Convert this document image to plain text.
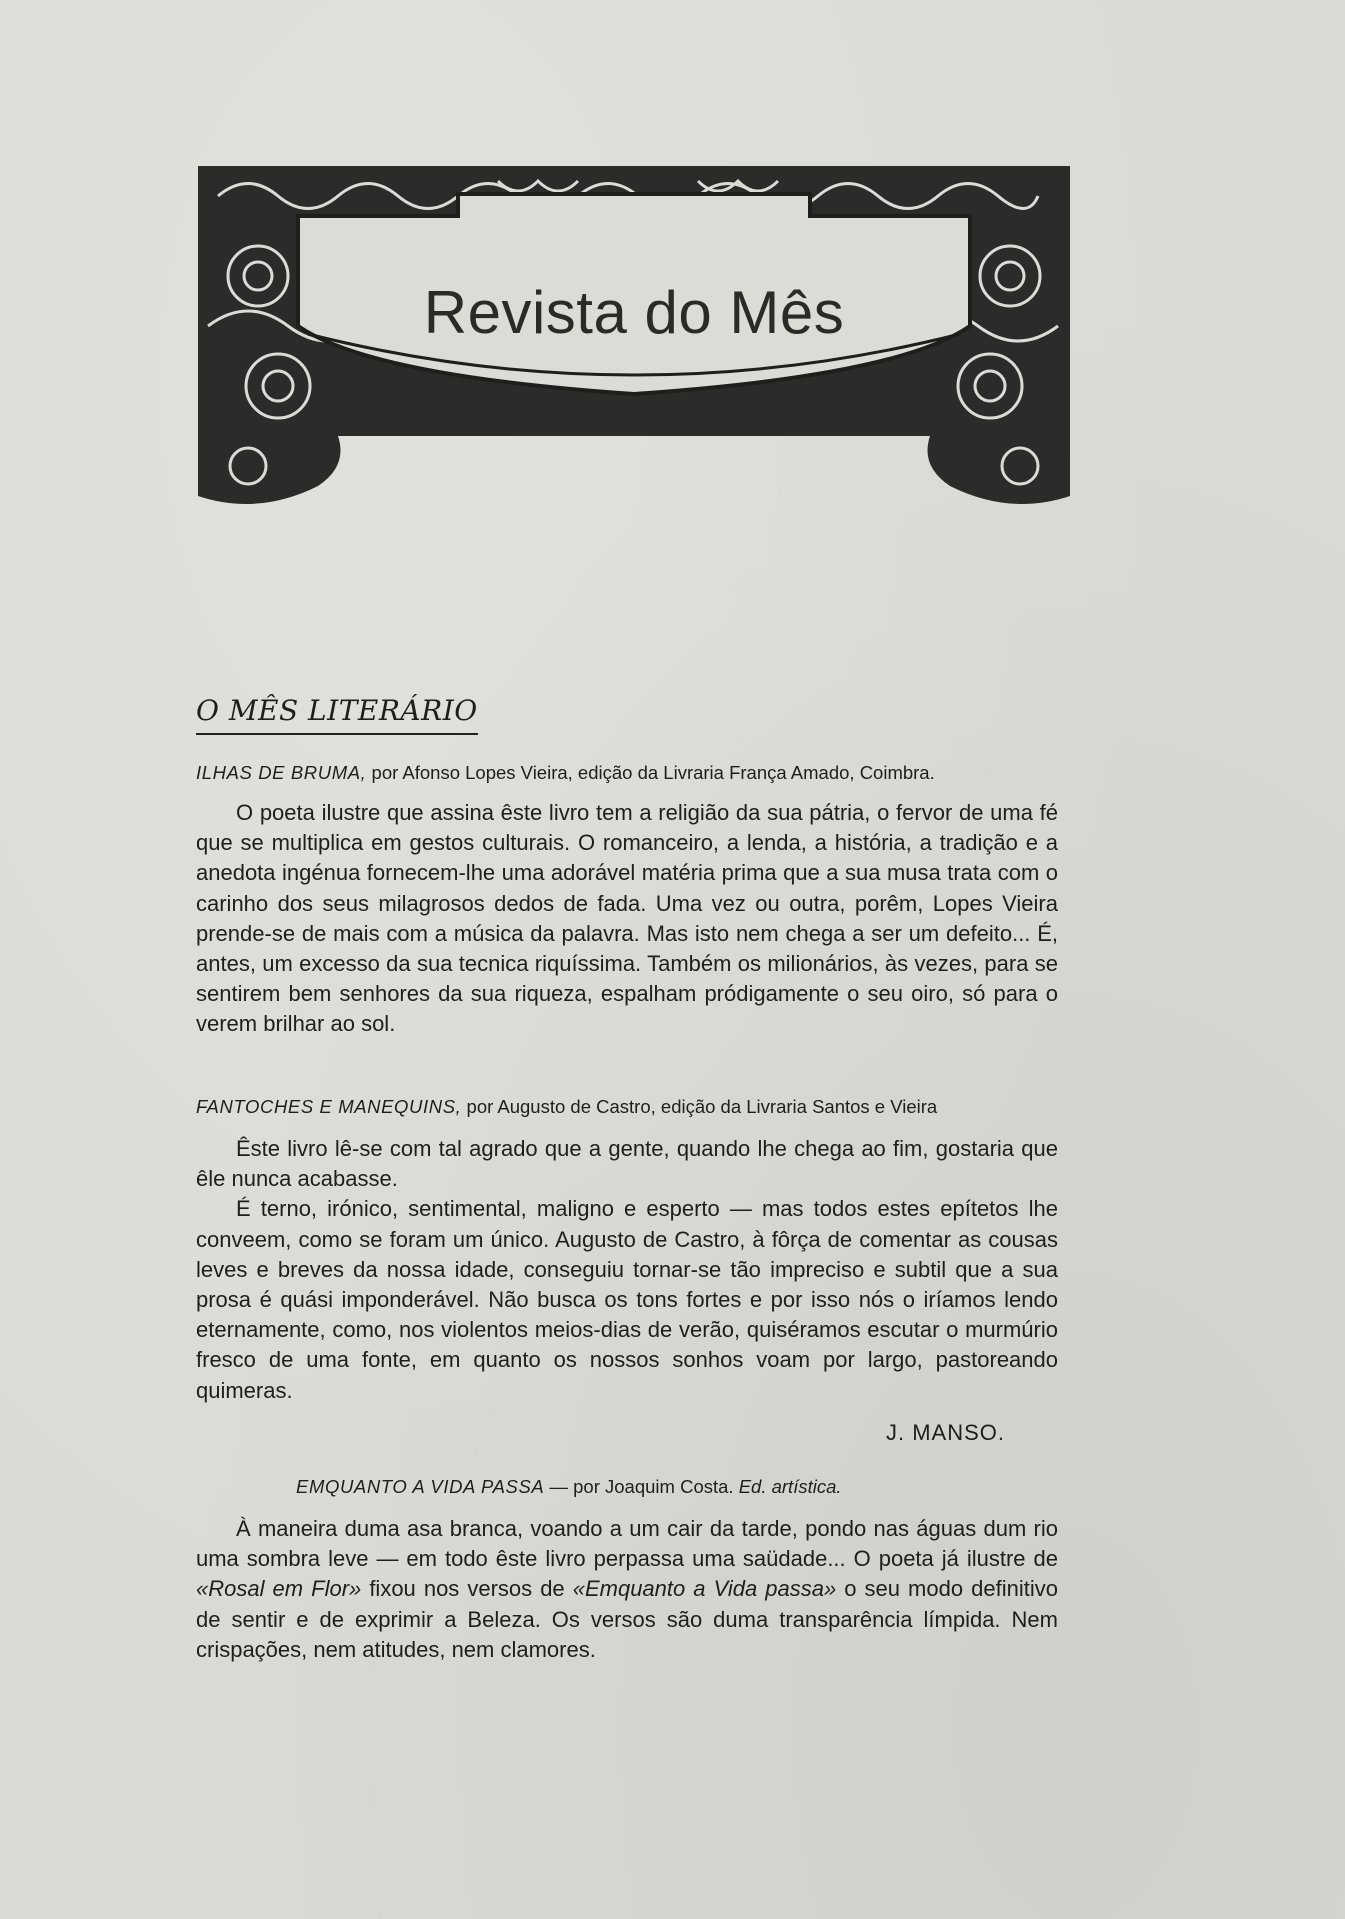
Revista do Mês
O MÊS LITERÁRIO
ILHAS DE BRUMA, por Afonso Lopes Vieira, edição da Livraria França Amado, Coimbra.

O poeta ilustre que assina êste livro tem a religião da sua pátria, o fervor de uma fé que se multiplica em gestos culturais. O romanceiro, a lenda, a história, a tradição e a anedota ingénua fornecem-lhe uma adorável matéria prima que a sua musa trata com o carinho dos seus milagrosos dedos de fada. Uma vez ou outra, porêm, Lopes Vieira prende-se de mais com a música da palavra. Mas isto nem chega a ser um defeito... É, antes, um excesso da sua tecnica riquíssima. Também os milionários, às vezes, para se sentirem bem senhores da sua riqueza, espalham pródigamente o seu oiro, só para o verem brilhar ao sol.

FANTOCHES E MANEQUINS, por Augusto de Castro, edição da Livraria Santos e Vieira

Êste livro lê-se com tal agrado que a gente, quando lhe chega ao fim, gostaria que êle nunca acabasse.

É terno, irónico, sentimental, maligno e esperto — mas todos estes epítetos lhe conveem, como se foram um único. Augusto de Castro, à fôrça de comentar as cousas leves e breves da nossa idade, conseguiu tornar-se tão impreciso e subtil que a sua prosa é quási imponderável. Não busca os tons fortes e por isso nós o iríamos lendo eternamente, como, nos violentos meios-dias de verão, quiséramos escutar o murmúrio fresco de uma fonte, em quanto os nossos sonhos voam por largo, pastoreando quimeras.

J. MANSO.
EMQUANTO A VIDA PASSA — por Joaquim Costa. Ed. artística.

À maneira duma asa branca, voando a um cair da tarde, pondo nas águas dum rio uma sombra leve — em todo êste livro perpassa uma saüdade... O poeta já ilustre de «Rosal em Flor» fixou nos versos de «Emquanto a Vida passa» o seu modo definitivo de sentir e de exprimir a Beleza. Os versos são duma transparência límpida. Nem crispações, nem atitudes, nem clamores.
